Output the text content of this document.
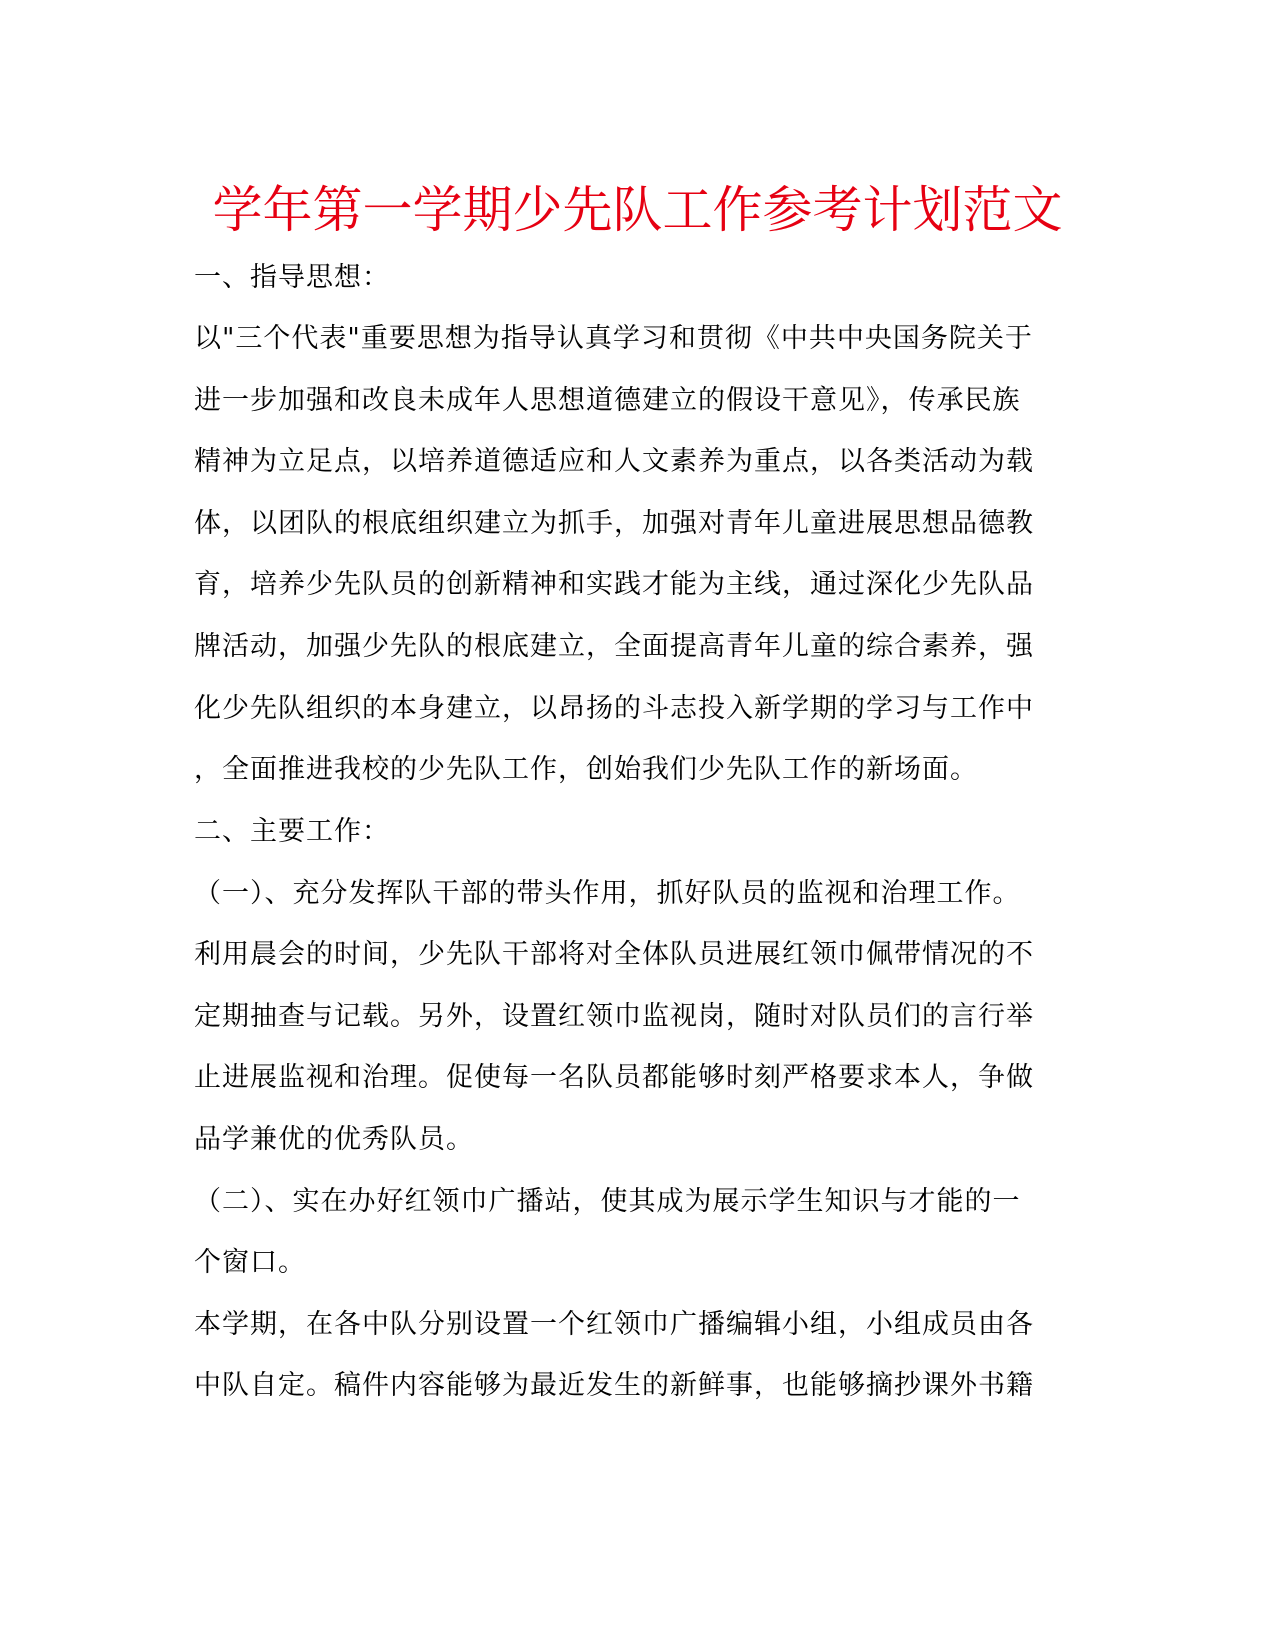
学年第一学期少先队工作参考计划范文
一、指导思想：
以"三个代表"重要思想为指导认真学习和贯彻《中共中央国务院关于
进一步加强和改良未成年人思想道德建立的假设干意见》，传承民族
精神为立足点，以培养道德适应和人文素养为重点，以各类活动为载
体，以团队的根底组织建立为抓手，加强对青年儿童进展思想品德教
育，培养少先队员的创新精神和实践才能为主线，通过深化少先队品
牌活动，加强少先队的根底建立，全面提高青年儿童的综合素养，强
化少先队组织的本身建立，以昂扬的斗志投入新学期的学习与工作中
，全面推进我校的少先队工作，创始我们少先队工作的新场面。
二、主要工作：
（一）、充分发挥队干部的带头作用，抓好队员的监视和治理工作。
利用晨会的时间，少先队干部将对全体队员进展红领巾佩带情况的不
定期抽查与记载。另外，设置红领巾监视岗，随时对队员们的言行举
止进展监视和治理。促使每一名队员都能够时刻严格要求本人，争做
品学兼优的优秀队员。
（二）、实在办好红领巾广播站，使其成为展示学生知识与才能的一
个窗口。
本学期，在各中队分别设置一个红领巾广播编辑小组，小组成员由各
中队自定。稿件内容能够为最近发生的新鲜事，也能够摘抄课外书籍
